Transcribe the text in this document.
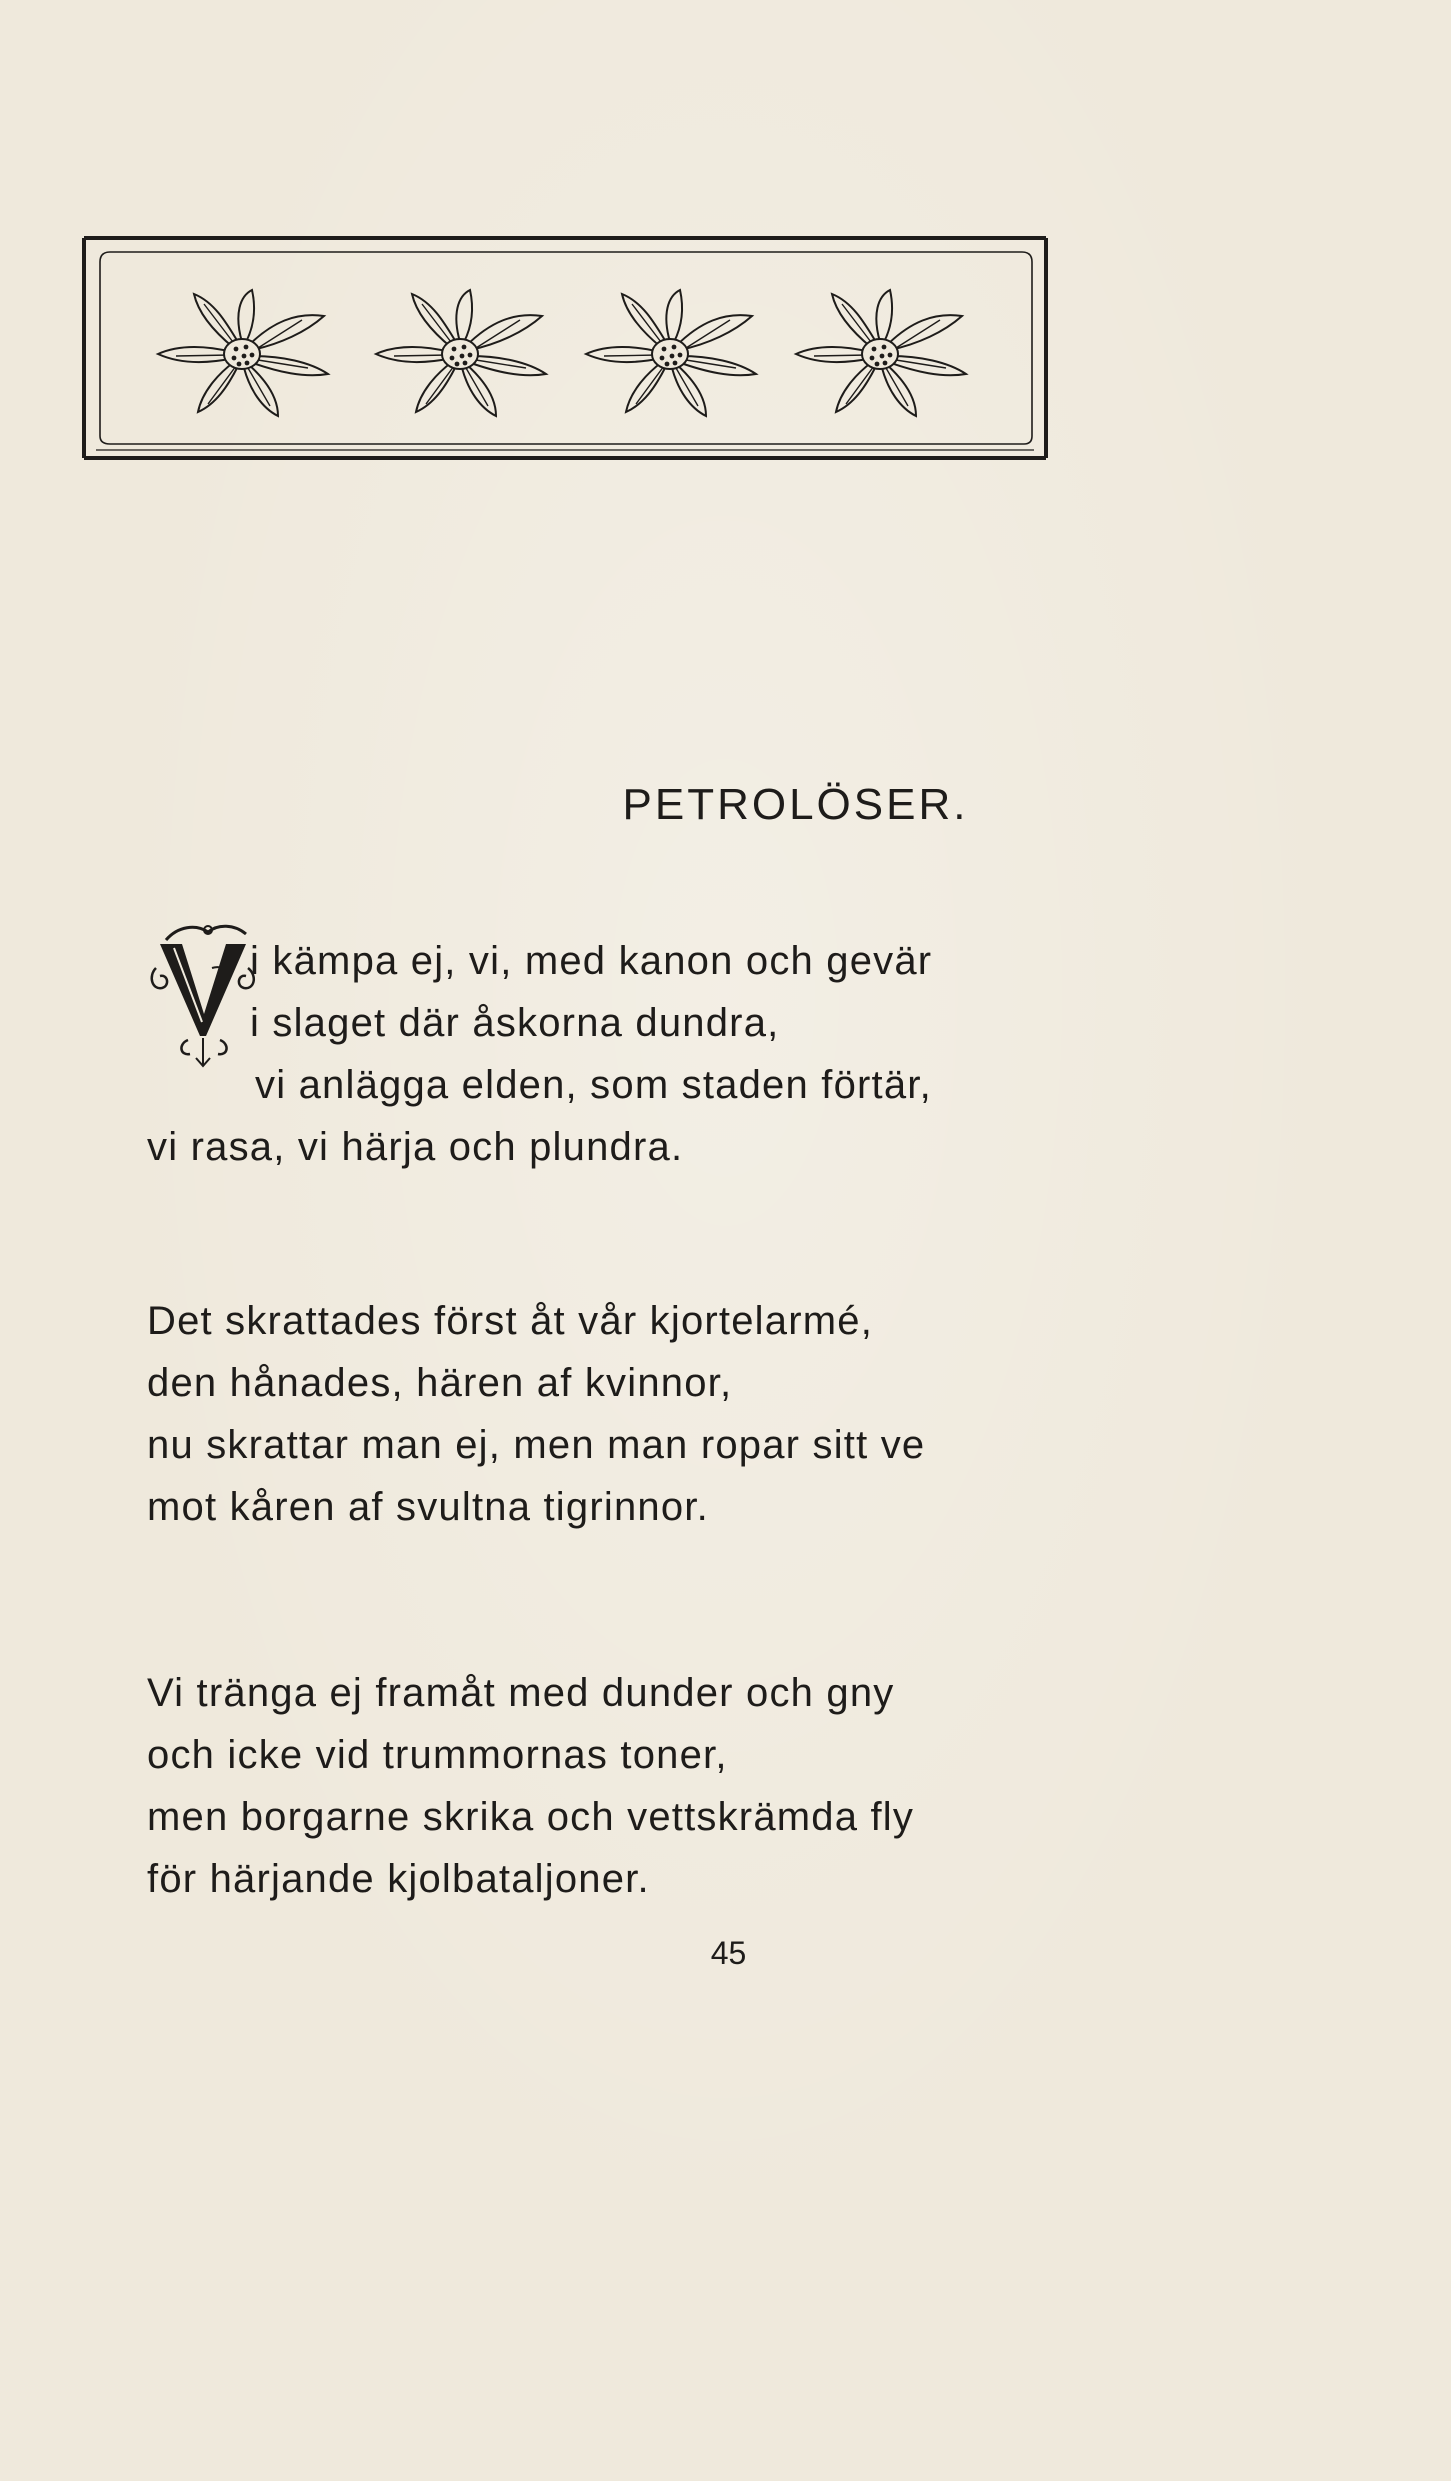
PETROLÖSER.
i kämpa ej, vi, med kanon och gevär
i slaget där åskorna dundra,
vi anlägga elden, som staden förtär,
vi rasa, vi härja och plundra.
Det skrattades först åt vår kjortelarmé,
den hånades, hären af kvinnor,
nu skrattar man ej, men man ropar sitt ve
mot kåren af svultna tigrinnor.
Vi tränga ej framåt med dunder och gny
och icke vid trummornas toner,
men borgarne skrika och vettskrämda fly
för härjande kjolbataljoner.
45
